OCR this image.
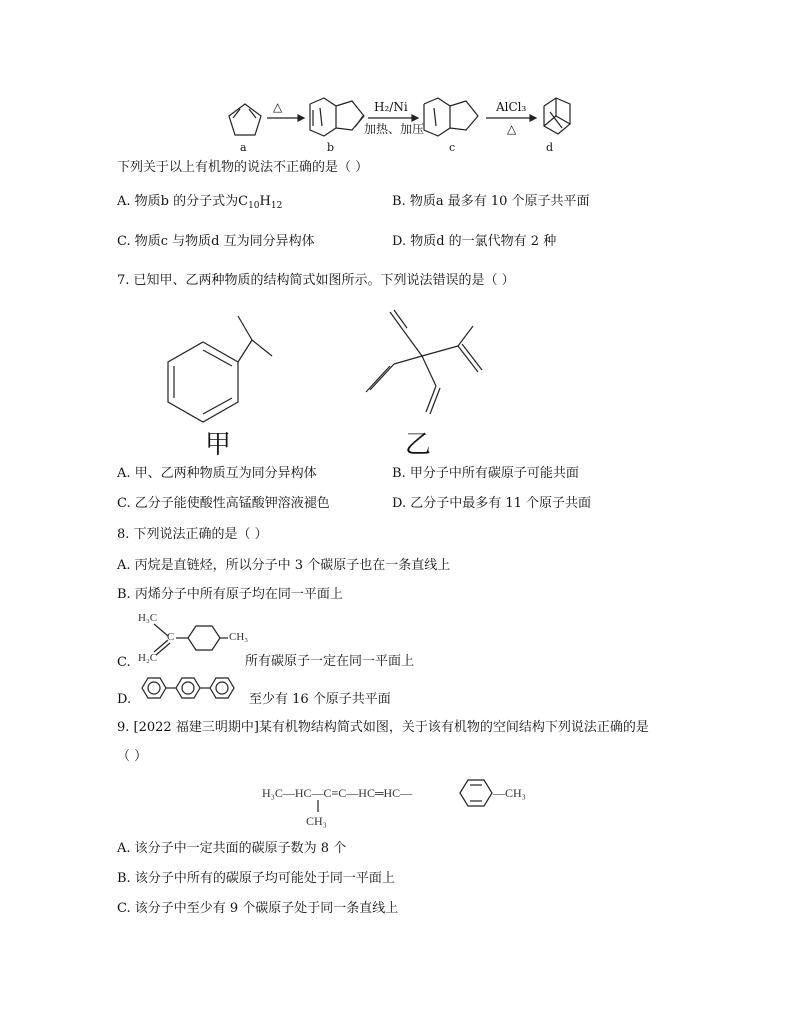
△	H₂/Ni
加热、加压
AlCl₃
△
a	b	c	d
下列关于以上有机物的说法不正确的是（ ）
A. 物质b 的分子式为$C_{10}H_{12}$	B. 物质a 最多有 10 个原子共平面
C. 物质c 与物质d 互为同分异构体	D. 物质d 的一氯代物有 2 种
7. 已知甲、乙两种物质的结构简式如图所示。下列说法错误的是（ ）
甲	乙
A. 甲、乙两种物质互为同分异构体	B. 甲分子中所有碳原子可能共面
C. 乙分子能使酸性高锰酸钾溶液褪色	D. 乙分子中最多有 11 个原子共面
8. 下列说法正确的是（ ）
A. 丙烷是直链烃，所以分子中 3 个碳原子也在一条直线上
B. 丙烯分子中所有原子均在同一平面上
C.
H₃C
C
H₂C
CH₃
所有碳原子一定在同一平面上
D.	至少有 16 个原子共平面
9. [2022 福建三明期中]某有机物结构简式如图，关于该有机物的空间结构下列说法正确的是
（ ）
H₃C—HC—C≡C—HC═HC—	—CH₃
CH₃
A. 该分子中一定共面的碳原子数为 8 个
B. 该分子中所有的碳原子均可能处于同一平面上
C. 该分子中至少有 9 个碳原子处于同一条直线上
